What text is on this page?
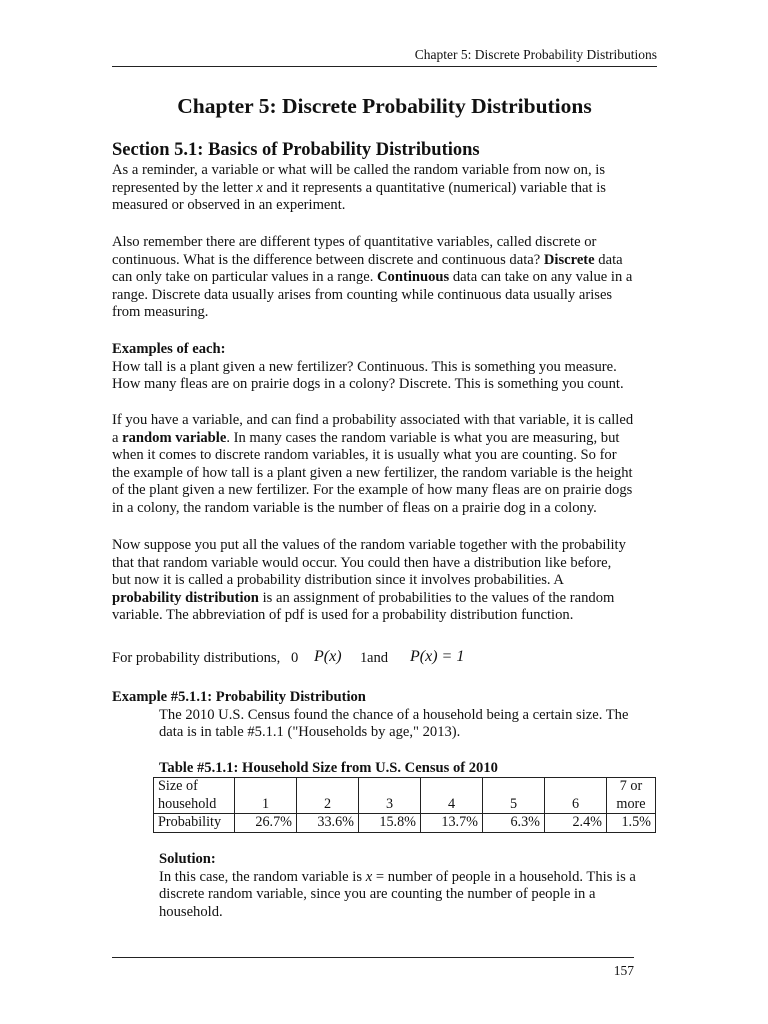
Chapter 5: Discrete Probability Distributions
Chapter 5: Discrete Probability Distributions
Section 5.1: Basics of Probability Distributions
As a reminder, a variable or what will be called the random variable from now on, is
represented by the letter x and it represents a quantitative (numerical) variable that is
measured or observed in an experiment.
Also remember there are different types of quantitative variables, called discrete or
continuous. What is the difference between discrete and continuous data? Discrete data
can only take on particular values in a range. Continuous data can take on any value in a
range. Discrete data usually arises from counting while continuous data usually arises
from measuring.
Examples of each:
How tall is a plant given a new fertilizer? Continuous. This is something you measure.
How many fleas are on prairie dogs in a colony? Discrete. This is something you count.
If you have a variable, and can find a probability associated with that variable, it is called
a random variable. In many cases the random variable is what you are measuring, but
when it comes to discrete random variables, it is usually what you are counting. So for
the example of how tall is a plant given a new fertilizer, the random variable is the height
of the plant given a new fertilizer. For the example of how many fleas are on prairie dogs
in a colony, the random variable is the number of fleas on a prairie dog in a colony.
Now suppose you put all the values of the random variable together with the probability
that that random variable would occur. You could then have a distribution like before,
but now it is called a probability distribution since it involves probabilities. A
probability distribution is an assignment of probabilities to the values of the random
variable. The abbreviation of pdf is used for a probability distribution function.
For probability distributions, 0 P(x) 1 and P(x) = 1
Example #5.1.1: Probability Distribution
The 2010 U.S. Census found the chance of a household being a certain size. The
data is in table #5.1.1 ("Households by age," 2013).
Table #5.1.1: Household Size from U.S. Census of 2010
Size of
household	1	2	3	4	5	6	7 or
more

Probability	26.7%	33.6%	15.8%	13.7%	6.3%	2.4%	1.5%
Solution:
In this case, the random variable is x = number of people in a household. This is a
discrete random variable, since you are counting the number of people in a
household.
157
